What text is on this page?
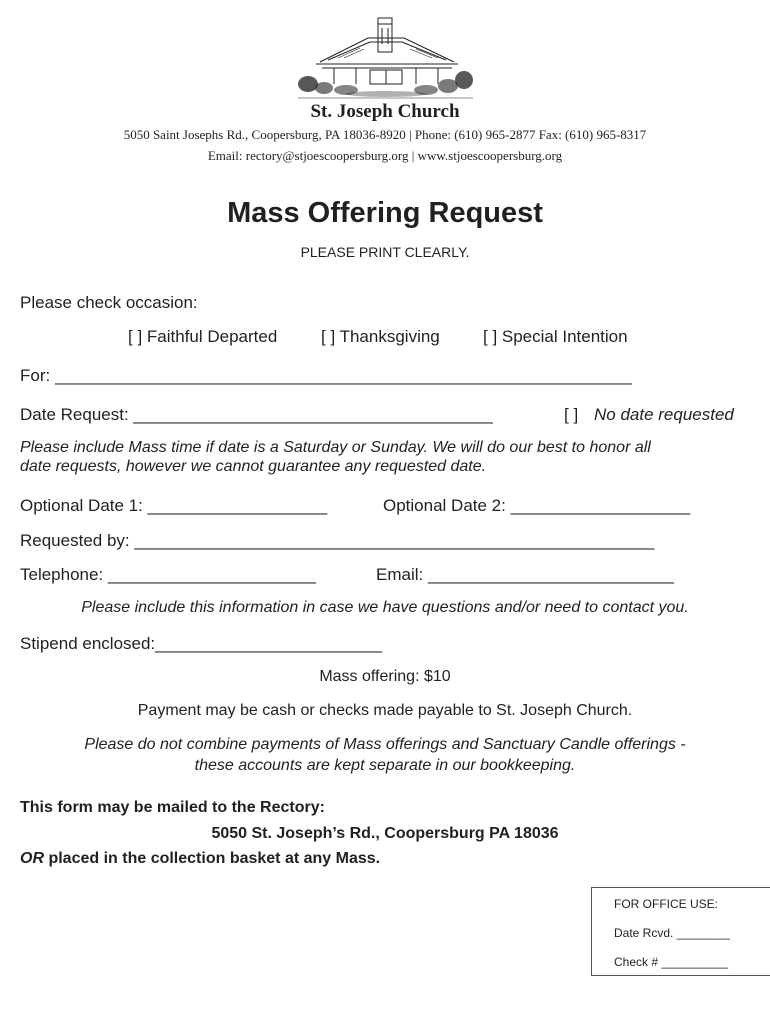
St. Joseph Church
5050 Saint Josephs Rd., Coopersburg, PA 18036-8920 | Phone: (610) 965-2877 Fax: (610) 965-8317
Email: rectory@stjoescoopersburg.org | www.stjoescoopersburg.org
Mass Offering Request
PLEASE PRINT CLEARLY.
Please check occasion:
[ ] Faithful Departed	[ ] Thanksgiving	[ ] Special Intention
For: _____________________________________________________________
Date Request: ______________________________________	[ ] No date requested
Please include Mass time if date is a Saturday or Sunday. We will do our best to honor all
date requests, however we cannot guarantee any requested date.
Optional Date 1: ___________________	Optional Date 2: ___________________
Requested by: _______________________________________________________
Telephone: ______________________	Email: __________________________
Please include this information in case we have questions and/or need to contact you.
Stipend enclosed:________________________
Mass offering: $10
Payment may be cash or checks made payable to St. Joseph Church.
Please do not combine payments of Mass offerings and Sanctuary Candle offerings -
these accounts are kept separate in our bookkeeping.
This form may be mailed to the Rectory:
5050 St. Joseph’s Rd., Coopersburg PA 18036
OR placed in the collection basket at any Mass.
FOR OFFICE USE:
Date Rcvd. ________
Check # __________
